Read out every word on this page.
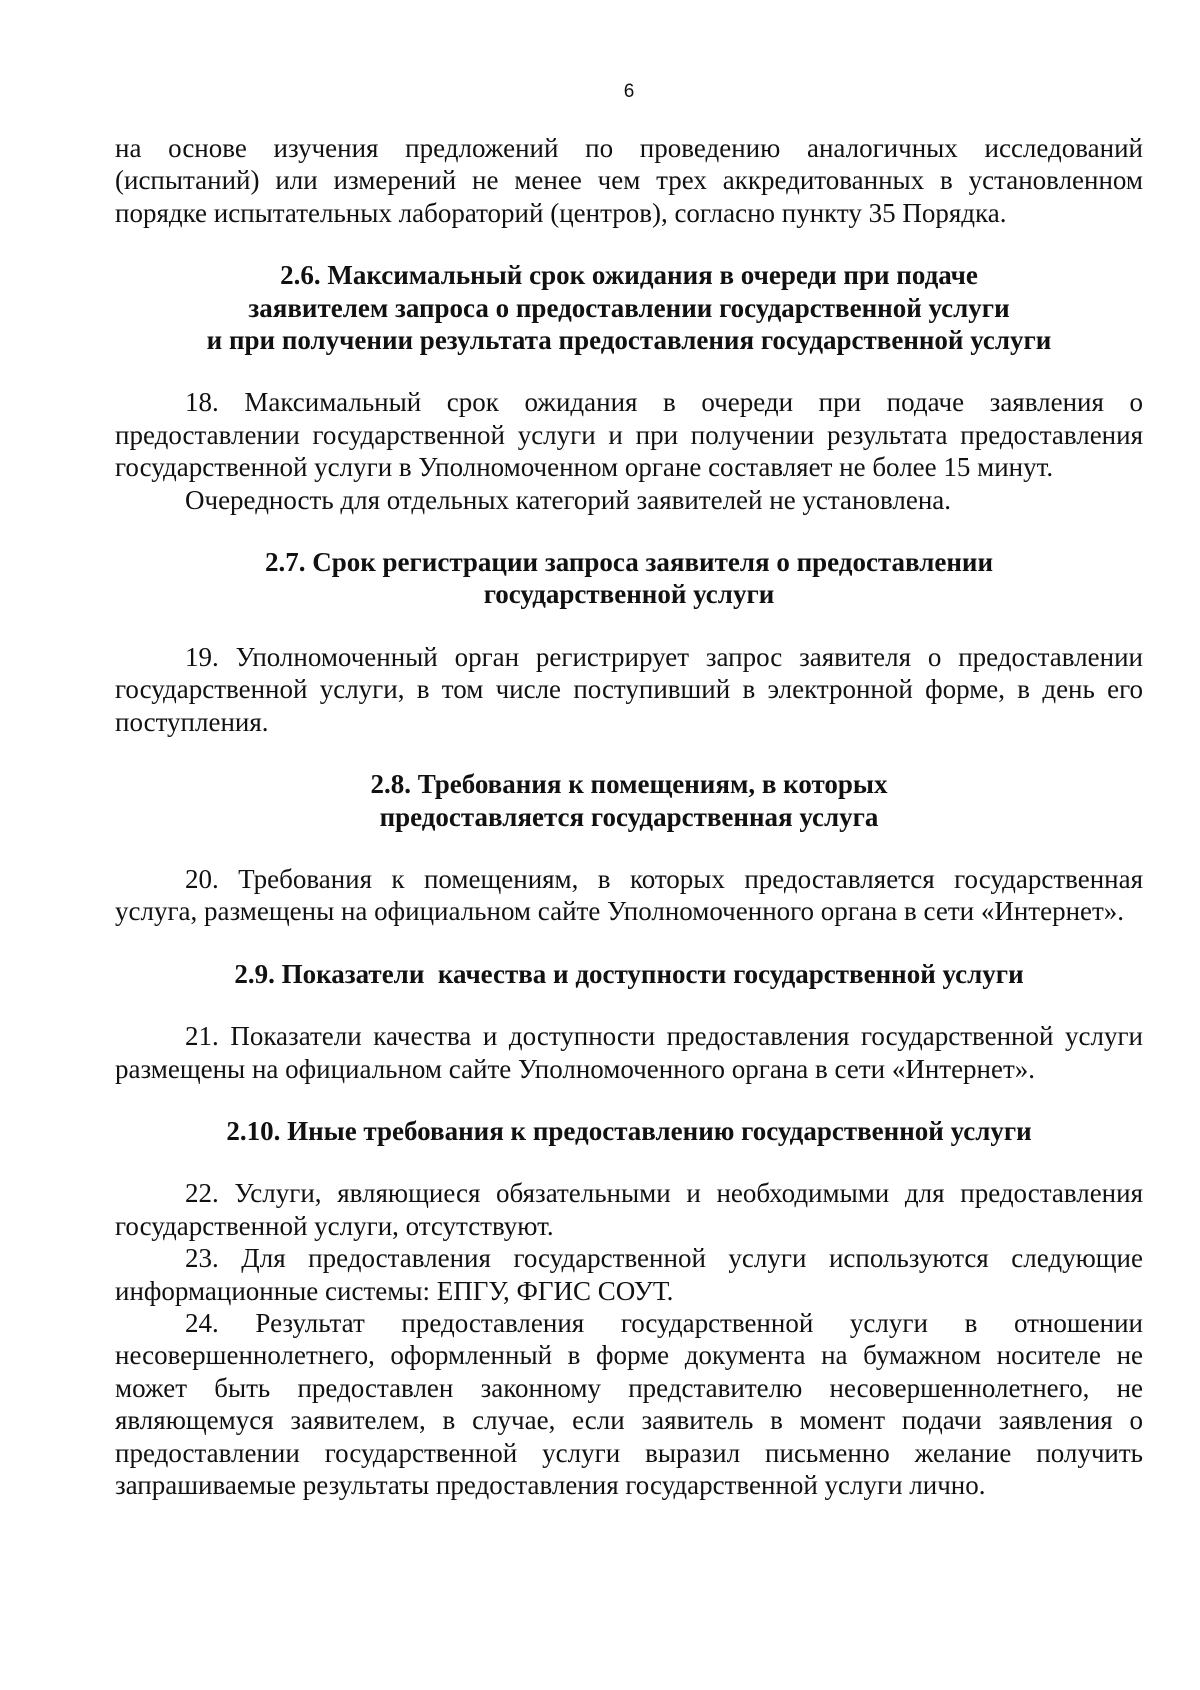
6

на основе изучения предложений по проведению аналогичных исследований (испытаний) или измерений не менее чем трех аккредитованных в установленном порядке испытательных лабораторий (центров), согласно пункту 35 Порядка.

2.6. Максимальный срок ожидания в очереди при подаче
заявителем запроса о предоставлении государственной услуги
и при получении результата предоставления государственной услуги

18. Максимальный срок ожидания в очереди при подаче заявления о предоставлении государственной услуги и при получении результата предоставления государственной услуги в Уполномоченном органе составляет не более 15 минут.

Очередность для отдельных категорий заявителей не установлена.

2.7. Срок регистрации запроса заявителя о предоставлении
государственной услуги

19. Уполномоченный орган регистрирует запрос заявителя о предоставлении государственной услуги, в том числе поступивший в электронной форме, в день его поступления.

2.8. Требования к помещениям, в которых
предоставляется государственная услуга

20. Требования к помещениям, в которых предоставляется государственная услуга, размещены на официальном сайте Уполномоченного органа в сети «Интернет».

2.9. Показатели  качества и доступности государственной услуги

21. Показатели качества и доступности предоставления государственной услуги размещены на официальном сайте Уполномоченного органа в сети «Интернет».

2.10. Иные требования к предоставлению государственной услуги

22. Услуги, являющиеся обязательными и необходимыми для предоставления государственной услуги, отсутствуют.

23. Для предоставления государственной услуги используются следующие информационные системы: ЕПГУ, ФГИС СОУТ.

24. Результат предоставления государственной услуги в отношении несовершеннолетнего, оформленный в форме документа на бумажном носителе не может быть предоставлен законному представителю несовершеннолетнего, не являющемуся заявителем, в случае, если заявитель в момент подачи заявления о предоставлении государственной услуги выразил письменно желание получить запрашиваемые результаты предоставления государственной услуги лично.
